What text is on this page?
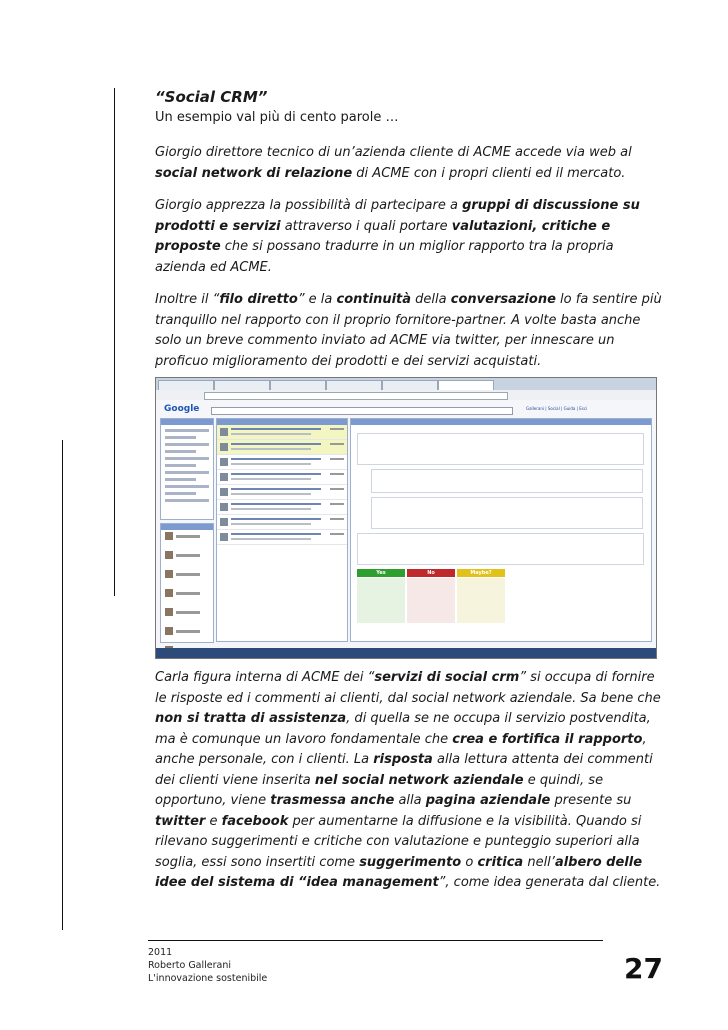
“Social CRM”
Un esempio val più di cento parole …

Giorgio direttore tecnico di un’azienda cliente di ACME accede via web al social network di relazione di ACME con i propri clienti ed il mercato.

Giorgio apprezza la possibilità di partecipare a gruppi di discussione su prodotti e servizi attraverso i quali portare valutazioni, critiche e proposte che si possano tradurre in un miglior rapporto tra la propria azienda ed ACME.

Inoltre il “filo diretto” e la continuità della conversazione lo fa sentire più tranquillo nel rapporto con il proprio fornitore-partner. A volte basta anche solo un breve commento inviato ad ACME via twitter, per innescare un proficuo miglioramento dei prodotti e dei servizi acquistati.

Google	Gallerani | Social | Guida | Esci
Yes	No	Maybe?

Carla figura interna di ACME dei “servizi di social crm” si occupa di fornire le risposte ed i commenti ai clienti, dal social network aziendale. Sa bene che non si tratta di assistenza, di quella se ne occupa il servizio postvendita, ma è comunque un lavoro fondamentale che crea e fortifica il rapporto, anche personale, con i clienti. La risposta alla lettura attenta dei commenti dei clienti viene inserita nel social network aziendale e quindi, se opportuno, viene trasmessa anche alla pagina aziendale presente su twitter e facebook per aumentarne la diffusione e la visibilità. Quando si rilevano suggerimenti e critiche con valutazione e punteggio superiori alla soglia, essi sono insertiti come suggerimento o critica nell’albero delle idee del sistema di “idea management”, come idea generata dal cliente.

2011
Roberto Gallerani
L'innovazione sostenibile	27
